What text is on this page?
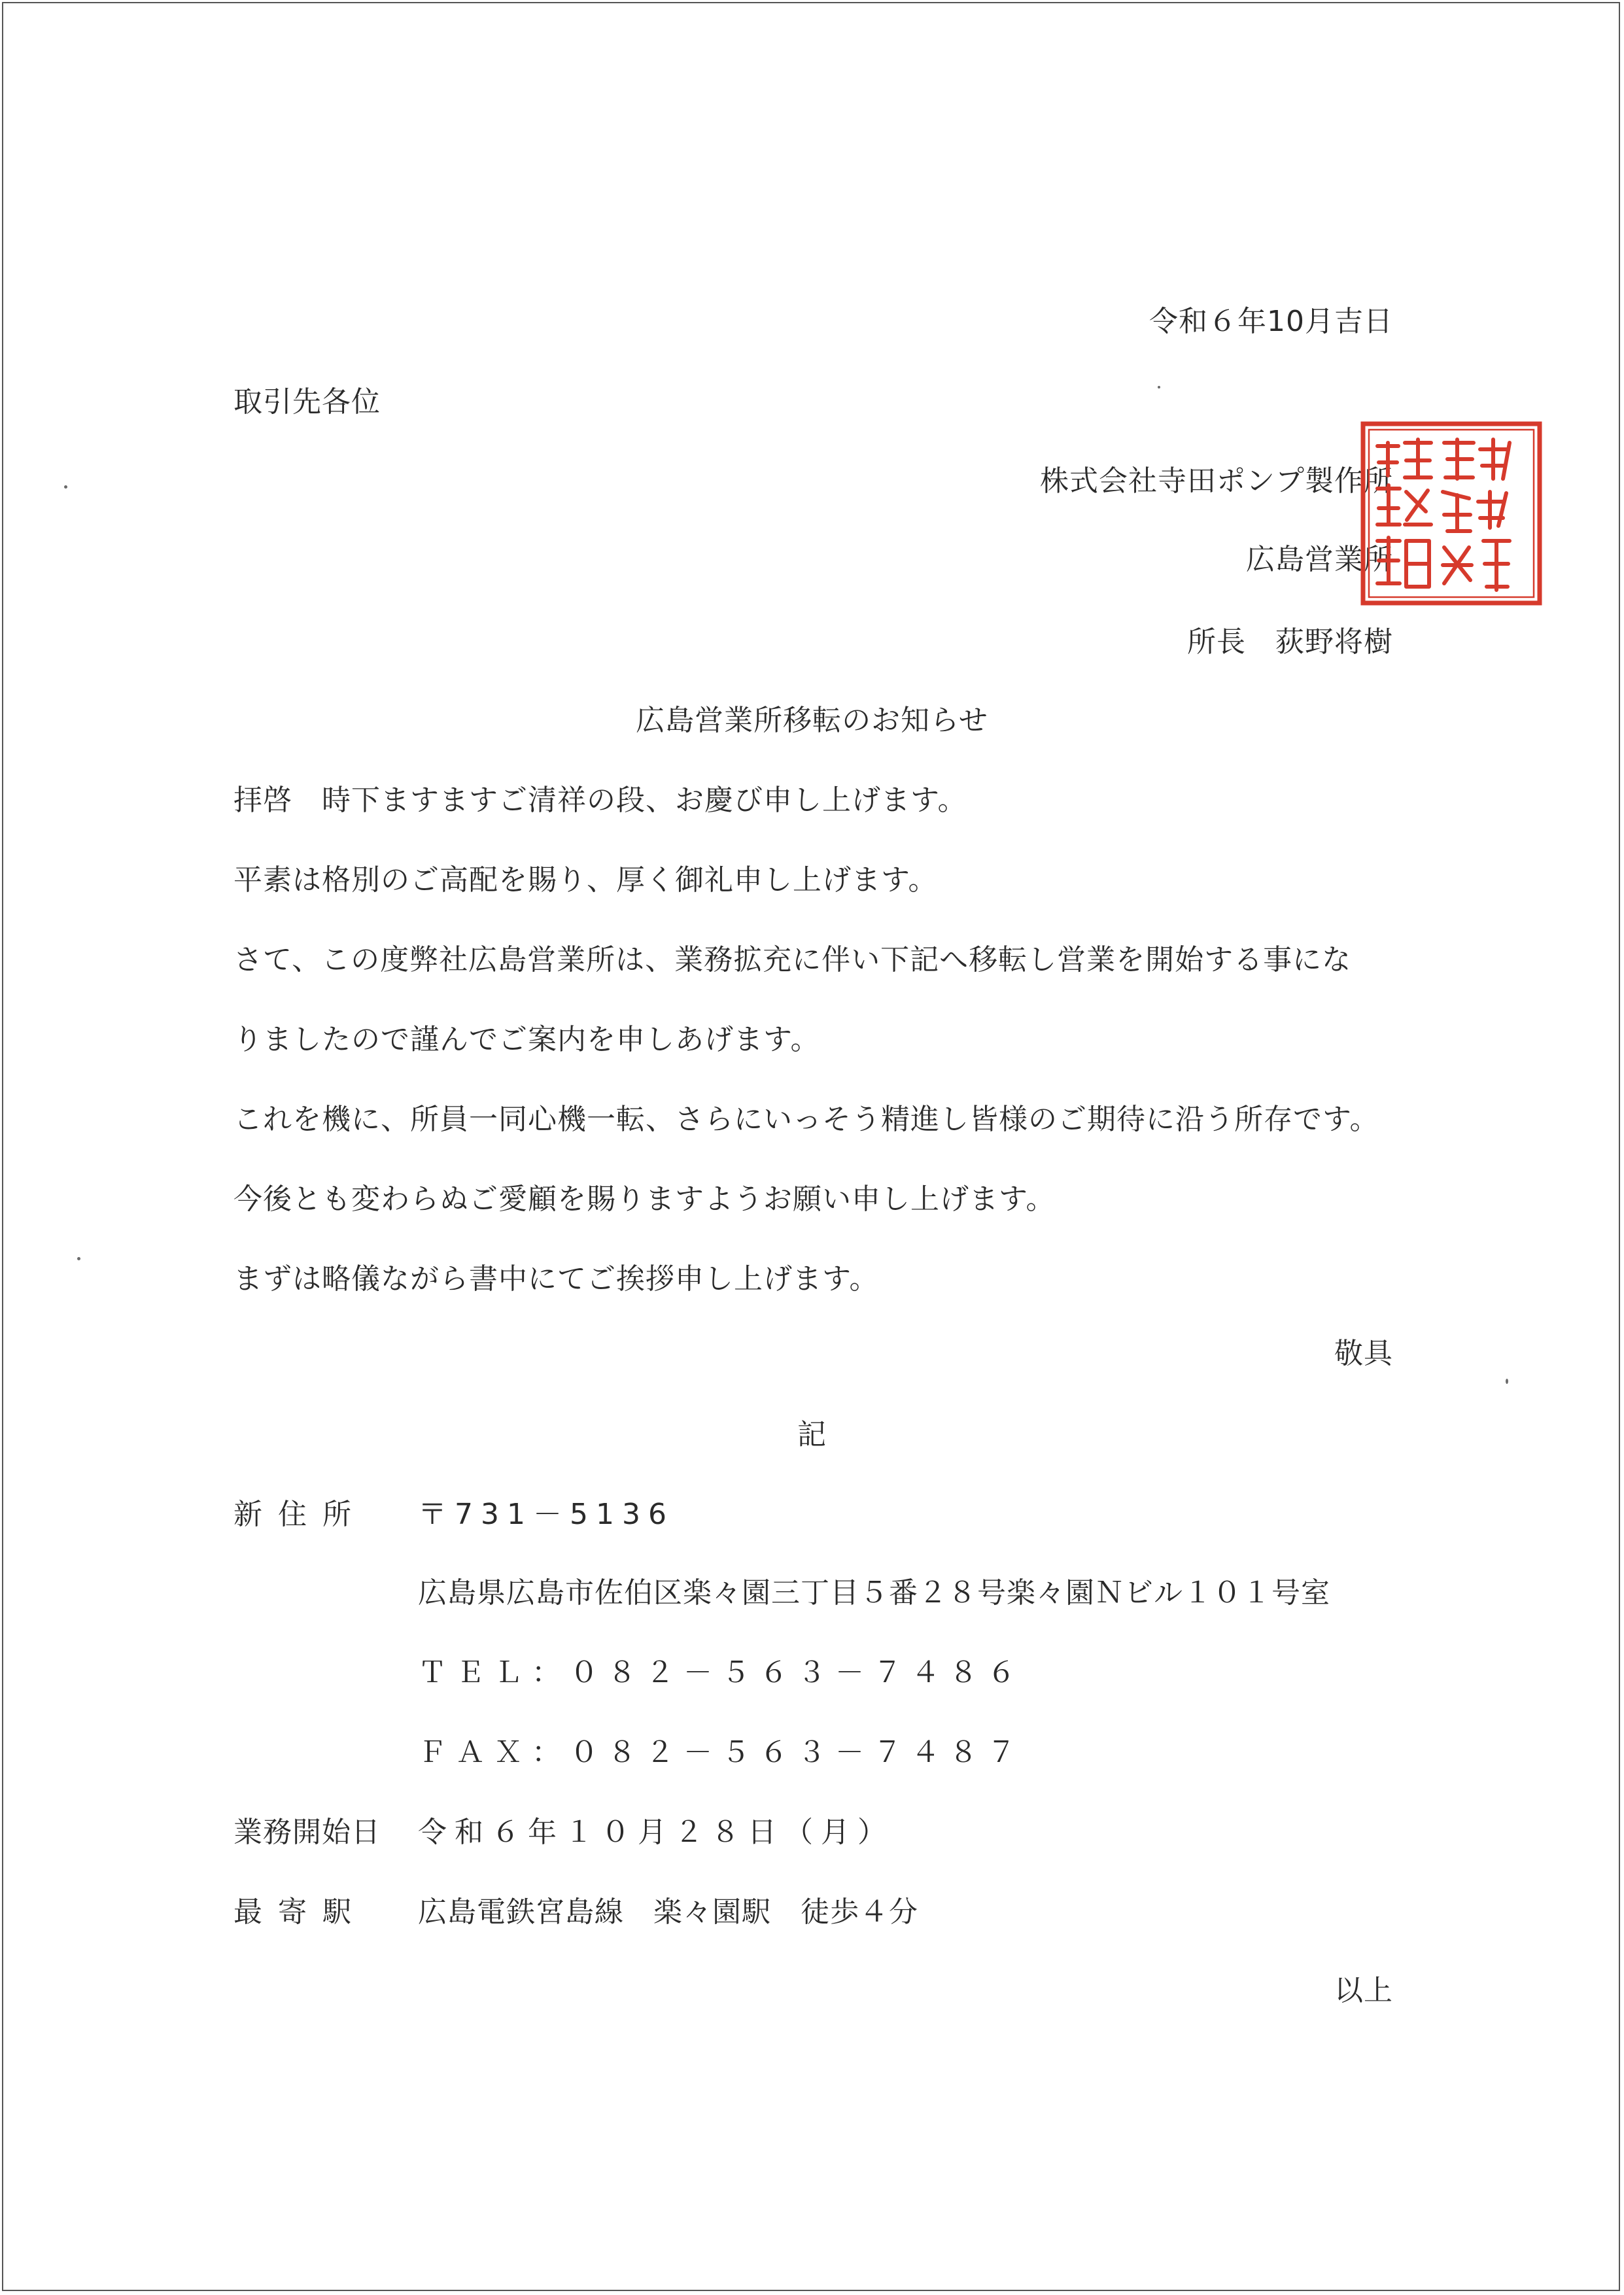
令和６年10月吉日
取引先各位
株式会社寺田ポンプ製作所
広島営業所
所長　荻野将樹
株式会社寺田ポンプ製作所広島営業所
広島営業所移転のお知らせ
拝啓　時下ますますご清祥の段、お慶び申し上げます。
平素は格別のご高配を賜り、厚く御礼申し上げます。
さて、この度弊社広島営業所は、業務拡充に伴い下記へ移転し営業を開始する事にな
りましたので謹んでご案内を申しあげます。
これを機に、所員一同心機一転、さらにいっそう精進し皆様のご期待に沿う所存です。
今後とも変わらぬご愛顧を賜りますようお願い申し上げます。
まずは略儀ながら書中にてご挨拶申し上げます。
敬具
記
新住所 〒731－5136
広島県広島市佐伯区楽々園三丁目５番２８号楽々園Ｎビル１０１号室
ＴＥＬ：０８２－５６３－７４８６
ＦＡＸ：０８２－５６３－７４８７
業務開始日 令和６年１０月２８日（月）
最寄駅 広島電鉄宮島線　楽々園駅　徒歩４分
以上
